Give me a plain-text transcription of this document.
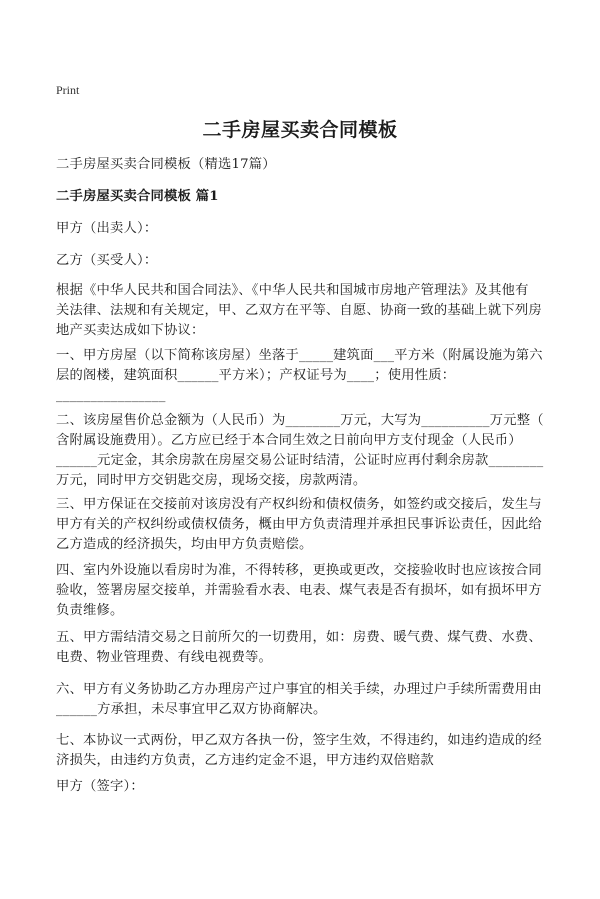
Print
二手房屋买卖合同模板
二手房屋买卖合同模板（精选17篇）
二手房屋买卖合同模板 篇1
甲方（出卖人）：
乙方（买受人）：
根据《中华人民共和国合同法》、《中华人民共和国城市房地产管理法》及其他有
关法律、法规和有关规定，甲、乙双方在平等、自愿、协商一致的基础上就下列房
地产买卖达成如下协议：
一、甲方房屋（以下简称该房屋）坐落于_____建筑面___平方米（附属设施为第六
层的阁楼，建筑面积______平方米）；产权证号为____；使用性质：
________________
二、该房屋售价总金额为（人民币）为________万元，大写为__________万元整（
含附属设施费用）。乙方应已经于本合同生效之日前向甲方支付现金（人民币）
______元定金，其余房款在房屋交易公证时结清，公证时应再付剩余房款________
万元，同时甲方交钥匙交房，现场交接，房款两清。
三、甲方保证在交接前对该房没有产权纠纷和债权债务，如签约或交接后，发生与
甲方有关的产权纠纷或债权债务，概由甲方负责清理并承担民事诉讼责任，因此给
乙方造成的经济损失，均由甲方负责赔偿。
四、室内外设施以看房时为准，不得转移，更换或更改，交接验收时也应该按合同
验收，签署房屋交接单，并需验看水表、电表、煤气表是否有损坏，如有损坏甲方
负责维修。
五、甲方需结清交易之日前所欠的一切费用，如：房费、暖气费、煤气费、水费、
电费、物业管理费、有线电视费等。
六、甲方有义务协助乙方办理房产过户事宜的相关手续，办理过户手续所需费用由
______方承担，未尽事宜甲乙双方协商解决。
七、本协议一式两份，甲乙双方各执一份，签字生效，不得违约，如违约造成的经
济损失，由违约方负责，乙方违约定金不退，甲方违约双倍赔款
甲方（签字）：
